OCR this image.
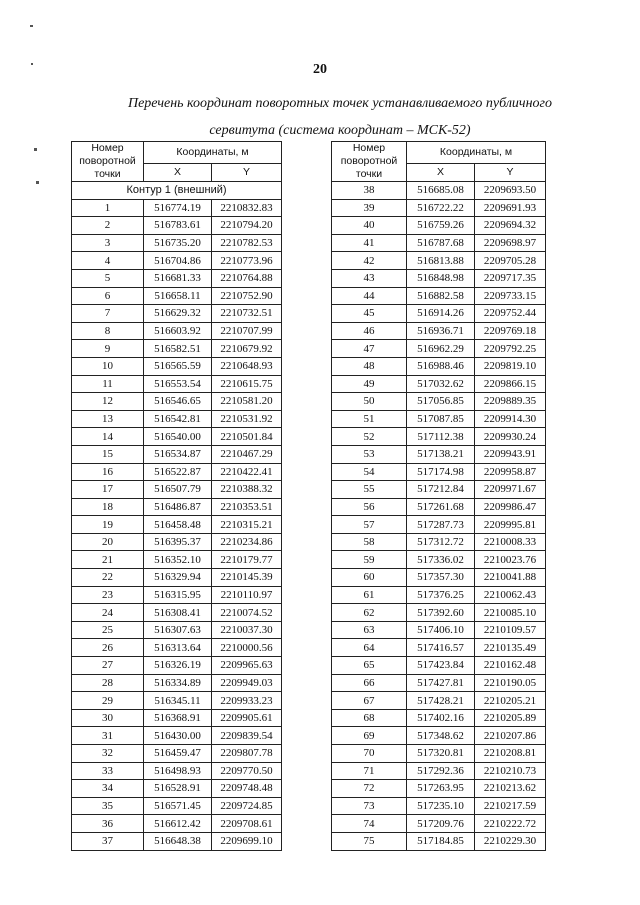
20
Перечень координат поворотных точек устанавливаемого публичного
сервитута (система координат – МСК-52)
Номер поворотной точки	Координаты, м	
	X	Y
Контур 1 (внешний)		
1	516774.19	2210832.83
2	516783.61	2210794.20
3	516735.20	2210782.53
4	516704.86	2210773.96
5	516681.33	2210764.88
6	516658.11	2210752.90
7	516629.32	2210732.51
8	516603.92	2210707.99
9	516582.51	2210679.92
10	516565.59	2210648.93
11	516553.54	2210615.75
12	516546.65	2210581.20
13	516542.81	2210531.92
14	516540.00	2210501.84
15	516534.87	2210467.29
16	516522.87	2210422.41
17	516507.79	2210388.32
18	516486.87	2210353.51
19	516458.48	2210315.21
20	516395.37	2210234.86
21	516352.10	2210179.77
22	516329.94	2210145.39
23	516315.95	2210110.97
24	516308.41	2210074.52
25	516307.63	2210037.30
26	516313.64	2210000.56
27	516326.19	2209965.63
28	516334.89	2209949.03
29	516345.11	2209933.23
30	516368.91	2209905.61
31	516430.00	2209839.54
32	516459.47	2209807.78
33	516498.93	2209770.50
34	516528.91	2209748.48
35	516571.45	2209724.85
36	516612.42	2209708.61
37	516648.38	2209699.10
Номер поворотной точки	Координаты, м	
	X	Y
38	516685.08	2209693.50
39	516722.22	2209691.93
40	516759.26	2209694.32
41	516787.68	2209698.97
42	516813.88	2209705.28
43	516848.98	2209717.35
44	516882.58	2209733.15
45	516914.26	2209752.44
46	516936.71	2209769.18
47	516962.29	2209792.25
48	516988.46	2209819.10
49	517032.62	2209866.15
50	517056.85	2209889.35
51	517087.85	2209914.30
52	517112.38	2209930.24
53	517138.21	2209943.91
54	517174.98	2209958.87
55	517212.84	2209971.67
56	517261.68	2209986.47
57	517287.73	2209995.81
58	517312.72	2210008.33
59	517336.02	2210023.76
60	517357.30	2210041.88
61	517376.25	2210062.43
62	517392.60	2210085.10
63	517406.10	2210109.57
64	517416.57	2210135.49
65	517423.84	2210162.48
66	517427.81	2210190.05
67	517428.21	2210205.21
68	517402.16	2210205.89
69	517348.62	2210207.86
70	517320.81	2210208.81
71	517292.36	2210210.73
72	517263.95	2210213.62
73	517235.10	2210217.59
74	517209.76	2210222.72
75	517184.85	2210229.30
